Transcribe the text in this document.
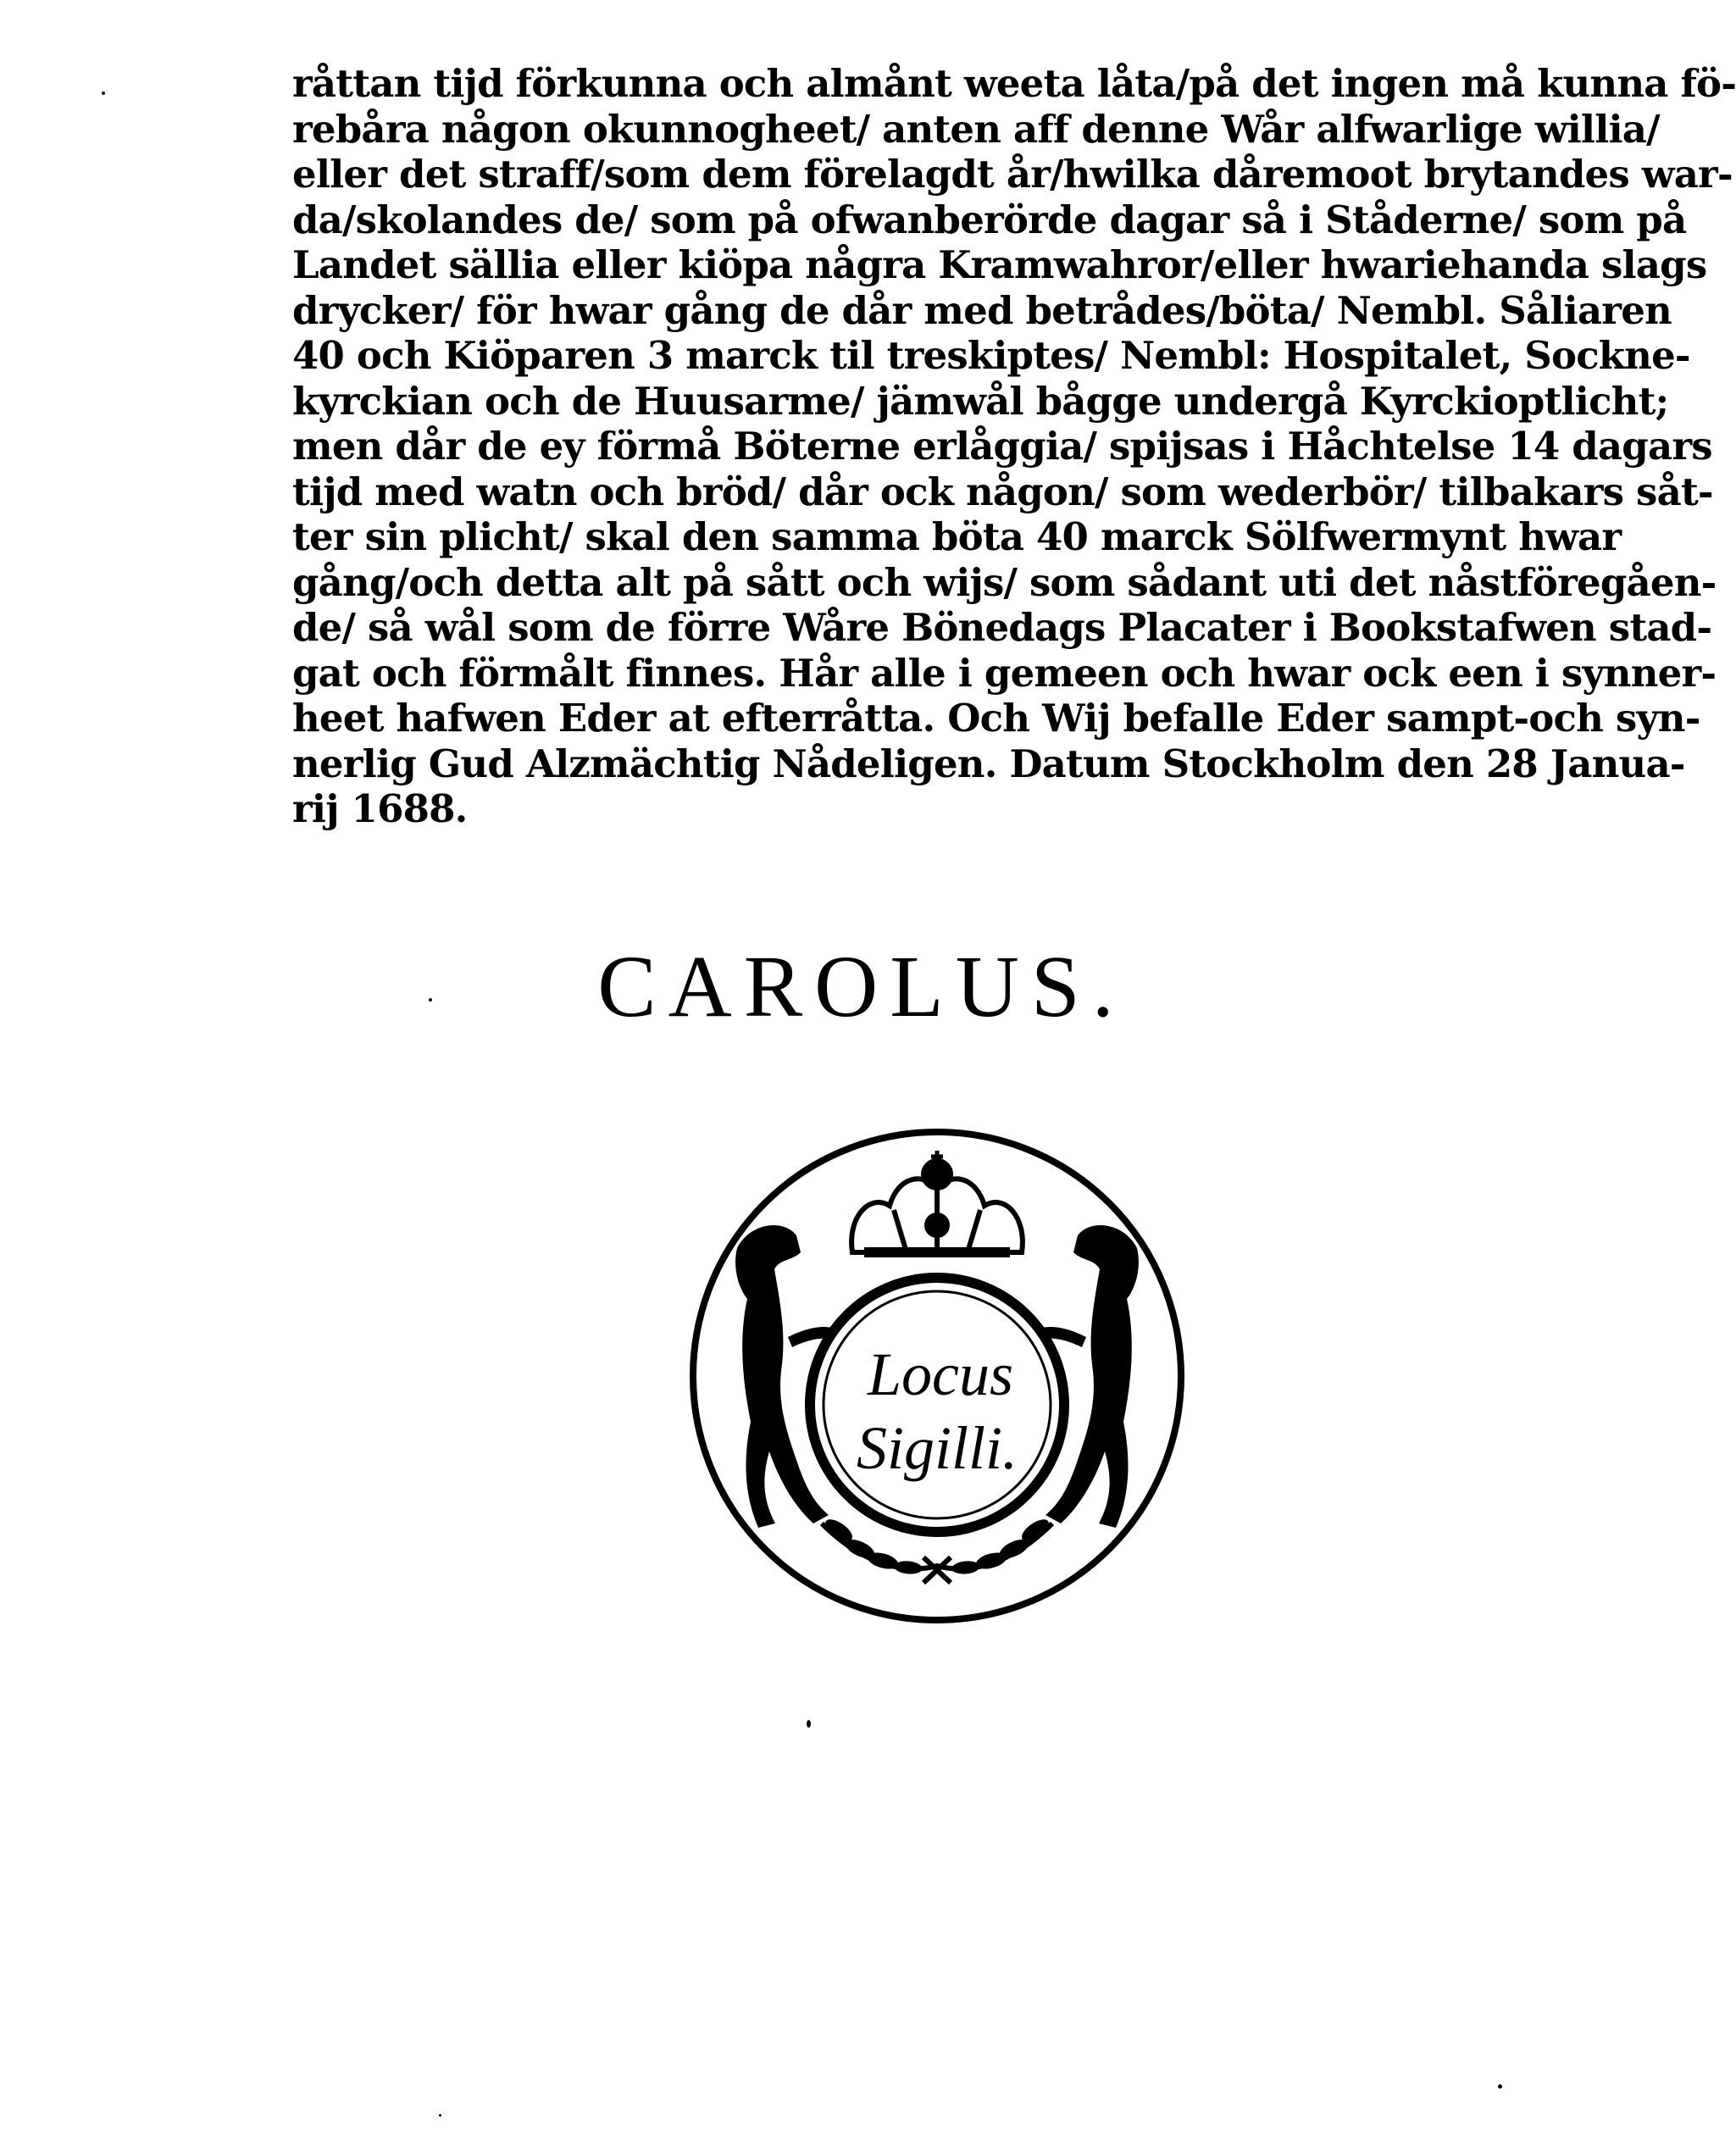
råttan tijd förkunna och almånt weeta låta/på det ingen må kunna fö-
rebåra någon okunnogheet/ anten aff denne Wår alfwarlige willia/
eller det straff/som dem förelagdt år/hwilka dåremoot brytandes war-
da/skolandes de/ som på ofwanberörde dagar så i Ståderne/ som på
Landet sällia eller kiöpa några Kramwahror/eller hwariehanda slags
drycker/ för hwar gång de dår med betrådes/böta/ Nembl. Såliaren
40 och Kiöparen 3 marck til treskiptes/ Nembl: Hospitalet, Sockne-
kyrckian och de Huusarme/ jämwål bågge undergå Kyrckioptlicht;
men dår de ey förmå Böterne erlåggia/ spijsas i Håchtelse 14 dagars
tijd med watn och bröd/ dår ock någon/ som wederbör/ tilbakars såt-
ter sin plicht/ skal den samma böta 40 marck Sölfwermynt hwar
gång/och detta alt på sått och wijs/ som sådant uti det nåstföregåen-
de/ så wål som de förre Wåre Bönedags Placater i Bookstafwen stad-
gat och förmålt finnes. Hår alle i gemeen och hwar ock een i synner-
heet hafwen Eder at efterråtta. Och Wij befalle Eder sampt-och syn-
nerlig Gud Alzmächtig Nådeligen. Datum Stockholm den 28 Janua-
rij 1688.
CAROLUS.
Locus
Sigilli.
